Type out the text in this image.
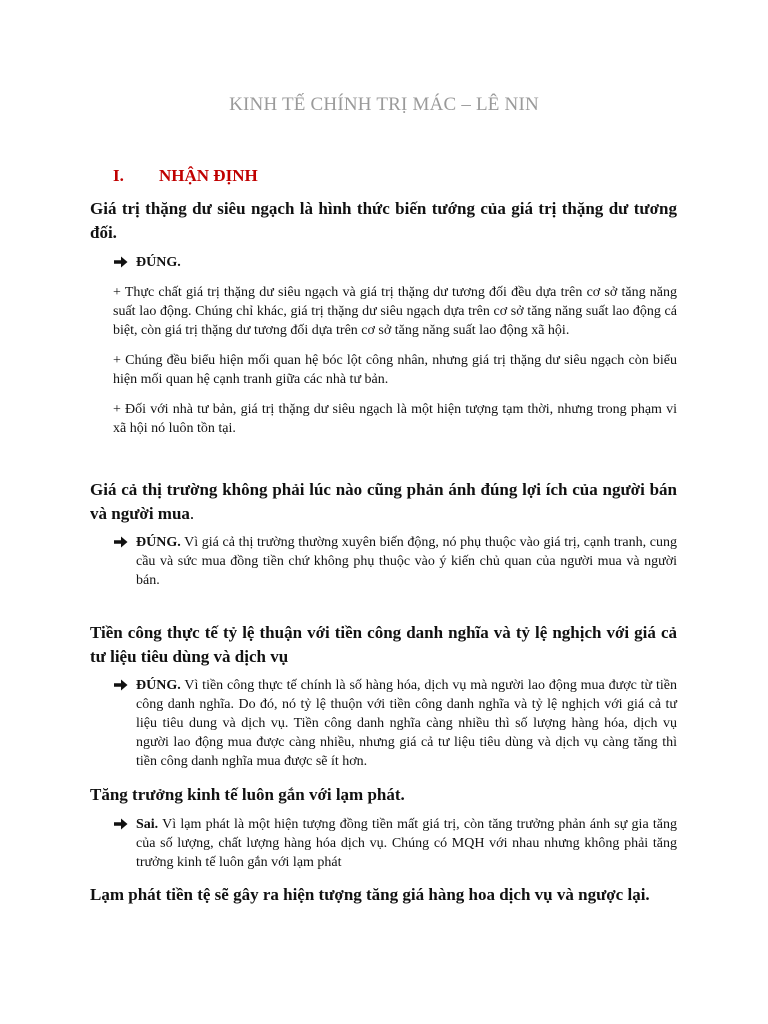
KINH TẾ CHÍNH TRỊ MÁC – LÊ NIN
I. NHẬN ĐỊNH
Giá trị thặng dư siêu ngạch là hình thức biến tướng của giá trị thặng dư tương đối.

ĐÚNG.

+ Thực chất giá trị thặng dư siêu ngạch và giá trị thặng dư tương đối đều dựa trên cơ sở tăng năng suất lao động. Chúng chỉ khác, giá trị thặng dư siêu ngạch dựa trên cơ sở tăng năng suất lao động cá biệt, còn giá trị thặng dư tương đối dựa trên cơ sở tăng năng suất lao động xã hội.

+ Chúng đều biểu hiện mối quan hệ bóc lột công nhân, nhưng giá trị thặng dư siêu ngạch còn biểu hiện mối quan hệ cạnh tranh giữa các nhà tư bản.

+ Đối với nhà tư bản, giá trị thặng dư siêu ngạch là một hiện tượng tạm thời, nhưng trong phạm vi xã hội nó luôn tồn tại.

Giá cả thị trường không phải lúc nào cũng phản ánh đúng lợi ích của người bán và người mua.

ĐÚNG. Vì giá cả thị trường thường xuyên biến động, nó phụ thuộc vào giá trị, cạnh tranh, cung cầu và sức mua đồng tiền chứ không phụ thuộc vào ý kiến chủ quan của người mua và người bán.

Tiền công thực tế tỷ lệ thuận với tiền công danh nghĩa và tỷ lệ nghịch với giá cả tư liệu tiêu dùng và dịch vụ

ĐÚNG. Vì tiền công thực tế chính là số hàng hóa, dịch vụ mà người lao động mua được từ tiền công danh nghĩa. Do đó, nó tỷ lệ thuộn với tiền công danh nghĩa và tỷ lệ nghịch với giá cả tư liệu tiêu dung và dịch vụ. Tiền công danh nghĩa càng nhiều thì số lượng hàng hóa, dịch vụ người lao động mua được càng nhiều, nhưng giá cả tư liệu tiêu dùng và dịch vụ càng tăng thì tiền công danh nghĩa mua được sẽ ít hơn.

Tăng trưởng kinh tế luôn gắn với lạm phát.

Sai. Vì lạm phát là một hiện tượng đồng tiền mất giá trị, còn tăng trưởng phản ánh sự gia tăng của số lượng, chất lượng hàng hóa dịch vụ. Chúng có MQH với nhau nhưng không phải tăng trưởng kinh tế luôn gắn với lạm phát

Lạm phát tiền tệ sẽ gây ra hiện tượng tăng giá hàng hoa dịch vụ và ngược lại.
